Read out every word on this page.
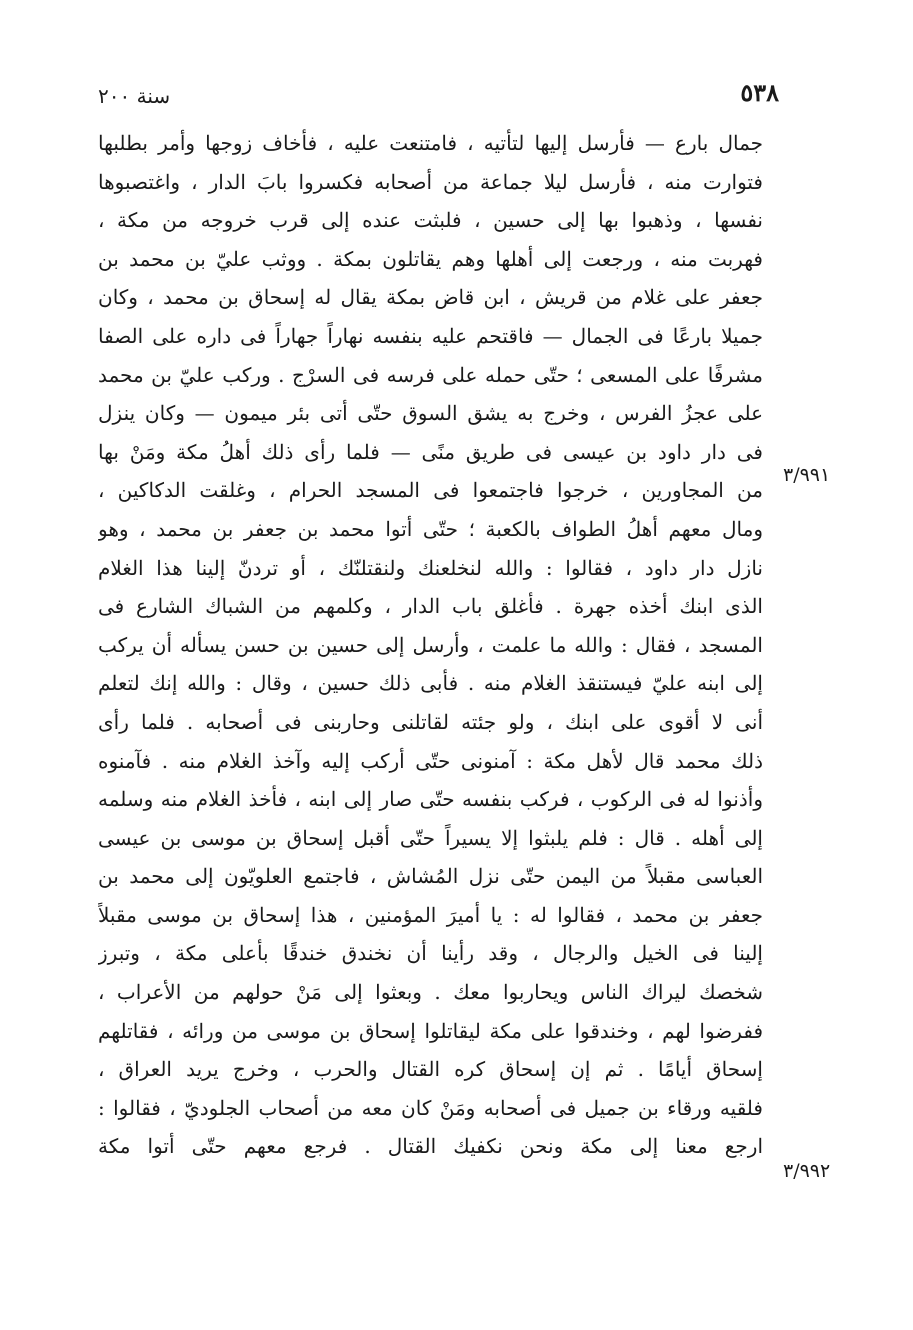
٥٣٨
سنة ٢٠٠
جمال بارع — فأرسل إليها لتأتيه ، فامتنعت عليه ، فأخاف زوجها وأمر بطلبها
فتوارت منه ، فأرسل ليلا جماعة من أصحابه فكسروا بابَ الدار ، واغتصبوها
نفسها ، وذهبوا بها إلى حسين ، فلبثت عنده إلى قرب خروجه من مكة ،
فهربت منه ، ورجعت إلى أهلها وهم يقاتلون بمكة . ووثب عليّ بن محمد بن
جعفر على غلام من قريش ، ابن قاض بمكة يقال له إسحاق بن محمد ، وكان
جميلا بارعًا فى الجمال — فاقتحم عليه بنفسه نهاراً جهاراً فى داره على الصفا
مشرفًا على المسعى ؛ حتّى حمله على فرسه فى السرْج . وركب عليّ بن محمد
على عجزُ الفرس ، وخرج به يشق السوق حتّى أتى بئر ميمون — وكان ينزل
فى دار داود بن عيسى فى طريق منًى — فلما رأى ذلك أهلُ مكة ومَنْ بها
من المجاورين ، خرجوا فاجتمعوا فى المسجد الحرام ، وغلقت الدكاكين ،
ومال معهم أهلُ الطواف بالكعبة ؛ حتّى أتوا محمد بن جعفر بن محمد ، وهو
نازل دار داود ، فقالوا : والله لنخلعنك ولنقتلنّك ، أو تردنّ إلينا هذا الغلام
الذى ابنك أخذه جهرة . فأغلق باب الدار ، وكلمهم من الشباك الشارع فى
المسجد ، فقال : والله ما علمت ، وأرسل إلى حسين بن حسن يسأله أن يركب
إلى ابنه عليّ فيستنقذ الغلام منه . فأبى ذلك حسين ، وقال : والله إنك لتعلم
أنى لا أقوى على ابنك ، ولو جئته لقاتلنى وحاربنى فى أصحابه . فلما رأى
ذلك محمد قال لأهل مكة : آمنونى حتّى أركب إليه وآخذ الغلام منه . فآمنوه
وأذنوا له فى الركوب ، فركب بنفسه حتّى صار إلى ابنه ، فأخذ الغلام منه وسلمه
إلى أهله . قال : فلم يلبثوا إلا يسيراً حتّى أقبل إسحاق بن موسى بن عيسى
العباسى مقبلاً من اليمن حتّى نزل المُشاش ، فاجتمع العلويّون إلى محمد بن
جعفر بن محمد ، فقالوا له : يا أميرَ المؤمنين ، هذا إسحاق بن موسى مقبلاً
إلينا فى الخيل والرجال ، وقد رأينا أن نخندق خندقًا بأعلى مكة ، وتبرز
شخصك ليراك الناس ويحاربوا معك . وبعثوا إلى مَنْ حولهم من الأعراب ،
ففرضوا لهم ، وخندقوا على مكة ليقاتلوا إسحاق بن موسى من ورائه ، فقاتلهم
إسحاق أيامًا . ثم إن إسحاق كره القتال والحرب ، وخرج يريد العراق ،
فلقيه ورقاء بن جميل فى أصحابه ومَنْ كان معه من أصحاب الجلوديّ ، فقالوا :
ارجع معنا إلى مكة ونحن نكفيك القتال . فرجع معهم حتّى أتوا مكة
٣/٩٩١
٣/٩٩٢
